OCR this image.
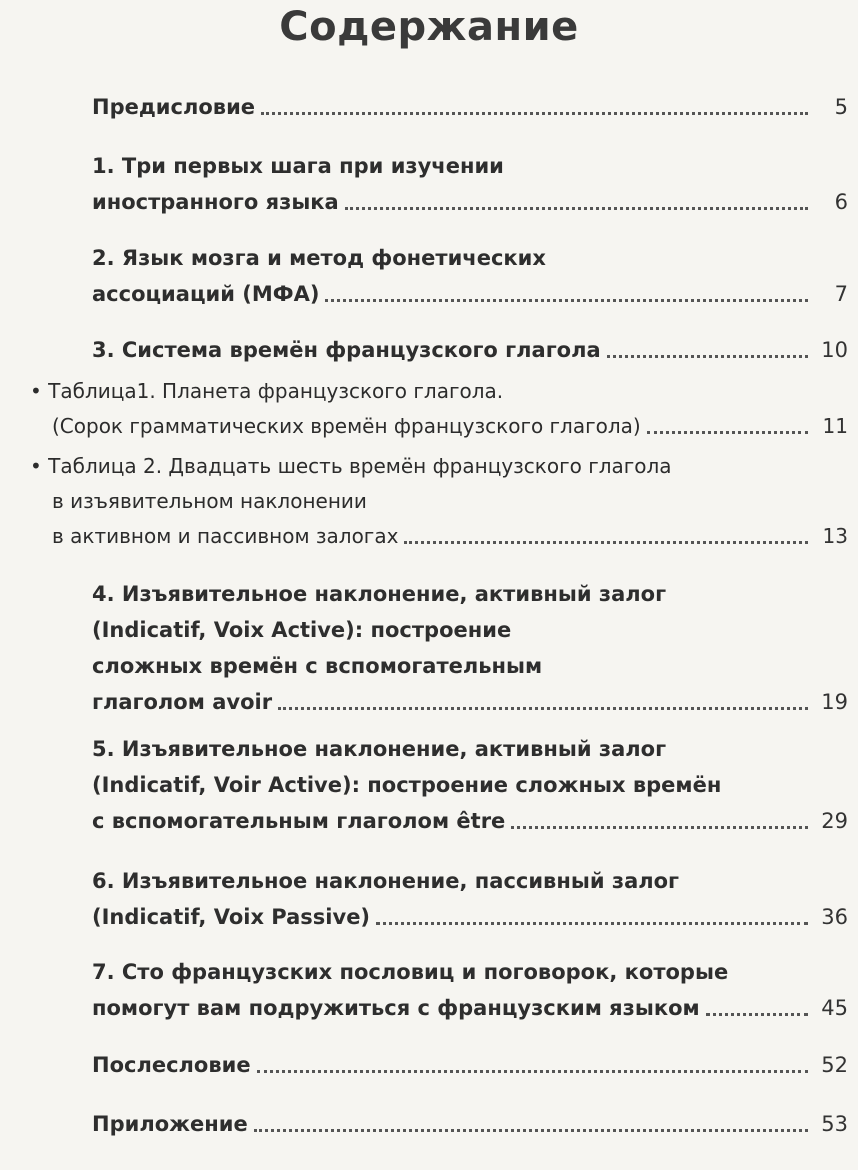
Содержание
Предисловие	5
1. Три первых шага при изучении
иностранного языка	6
2. Язык мозга и метод фонетических
ассоциаций (МФА)	7
3. Система времён французского глагола	10
• Таблица1. Планета французского глагола.
(Сорок грамматических времён французского глагола)	11
• Таблица 2. Двадцать шесть времён французского глагола
в изъявительном наклонении
в активном и пассивном залогах	13
4. Изъявительное наклонение, активный залог
(Indicatif, Voix Active): построение
сложных времён с вспомогательным
глаголом avoir	19
5. Изъявительное наклонение, активный залог
(Indicatif, Voir Active): построение сложных времён
с вспомогательным глаголом être	29
6. Изъявительное наклонение, пассивный залог
(Indicatif, Voix Passive)	36
7. Сто французских пословиц и поговорок, которые
помогут вам подружиться с французским языком	45
Послесловие	52
Приложение	53
